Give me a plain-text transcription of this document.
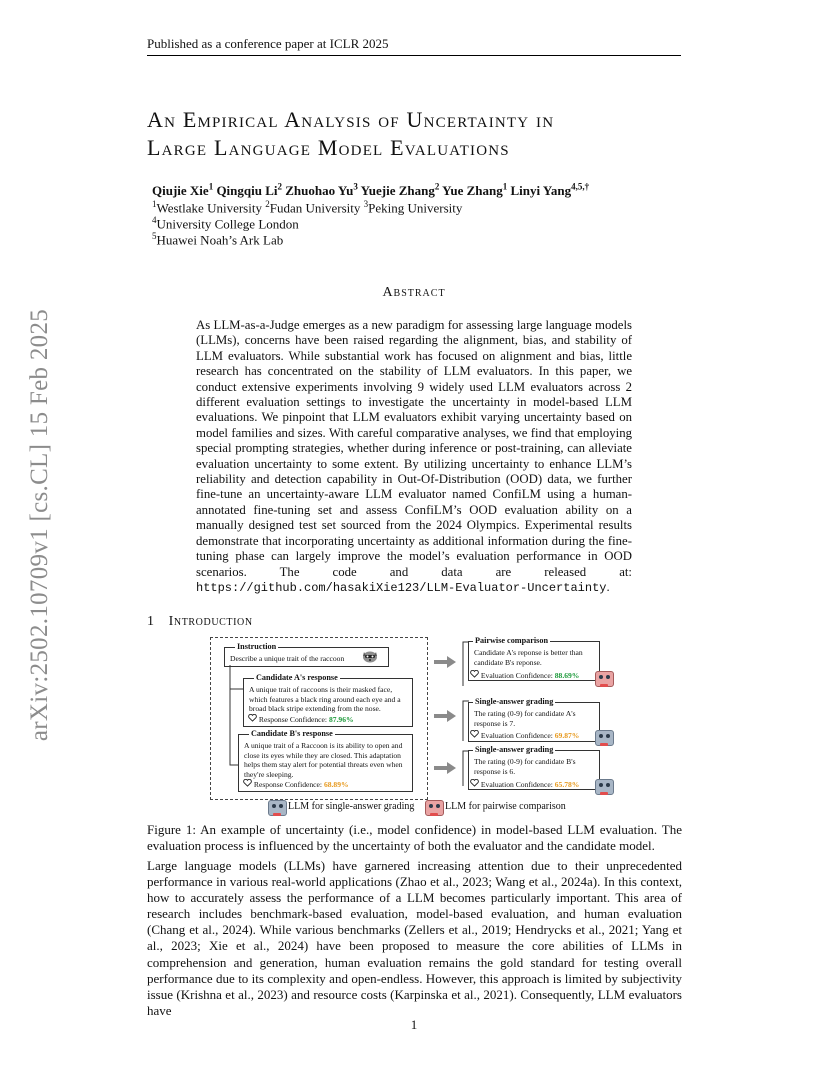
Published as a conference paper at ICLR 2025
arXiv:2502.10709v1 [cs.CL] 15 Feb 2025
An Empirical Analysis of Uncertainty in
Large Language Model Evaluations
Qiujie Xie$^1$ Qingqiu Li$^2$ Zhuohao Yu$^3$ Yuejie Zhang$^2$ Yue Zhang$^1$ Linyi Yang$^{4,5,\dagger}$
$^1$Westlake University $^2$Fudan University $^3$Peking University
$^4$University College London
$^5$Huawei Noah’s Ark Lab
Abstract
As LLM-as-a-Judge emerges as a new paradigm for assessing large language models (LLMs), concerns have been raised regarding the alignment, bias, and stability of LLM evaluators. While substantial work has focused on alignment and bias, little research has concentrated on the stability of LLM evaluators. In this paper, we conduct extensive experiments involving 9 widely used LLM evaluators across 2 different evaluation settings to investigate the uncertainty in model-based LLM evaluations. We pinpoint that LLM evaluators exhibit varying uncertainty based on model families and sizes. With careful comparative analyses, we find that employing special prompting strategies, whether during inference or post-training, can alleviate evaluation uncertainty to some extent. By utilizing uncertainty to enhance LLM’s reliability and detection capability in Out-Of-Distribution (OOD) data, we further fine-tune an uncertainty-aware LLM evaluator named ConfiLM using a human-annotated fine-tuning set and assess ConfiLM’s OOD evaluation ability on a manually designed test set sourced from the 2024 Olympics. Experimental results demonstrate that incorporating uncertainty as additional information during the fine-tuning phase can largely improve the model’s evaluation performance in OOD scenarios. The code and data are released at: https://github.com/hasakiXie123/LLM-Evaluator-Uncertainty.
1 Introduction
Instruction
Describe a unique trait of the raccoon
Candidate A's response
A unique trait of raccoons is their masked face, which features a black ring around each eye and a broad black stripe extending from the nose.
Response Confidence: 87.96%
Candidate B's response
A unique trait of a Raccoon is its ability to open and close its eyes while they are closed. This adaptation helps them stay alert for potential threats even when they're sleeping.
Response Confidence: 68.89%
Pairwise comparison
Candidate A's reponse is better than candidate B's reponse.
Evaluation Confidence: 88.69%
Single-answer grading
The rating (0-9) for candidate A's response is 7.
Evaluation Confidence: 69.87%
Single-answer grading
The rating (0-9) for candidate B's response is 6.
Evaluation Confidence: 65.78%
LLM for single-answer grading	LLM for pairwise comparison
Figure 1: An example of uncertainty (i.e., model confidence) in model-based LLM evaluation. The evaluation process is influenced by the uncertainty of both the evaluator and the candidate model.
Large language models (LLMs) have garnered increasing attention due to their unprecedented performance in various real-world applications (Zhao et al., 2023; Wang et al., 2024a). In this context, how to accurately assess the performance of a LLM becomes particularly important. This area of research includes benchmark-based evaluation, model-based evaluation, and human evaluation (Chang et al., 2024). While various benchmarks (Zellers et al., 2019; Hendrycks et al., 2021; Yang et al., 2023; Xie et al., 2024) have been proposed to measure the core abilities of LLMs in comprehension and generation, human evaluation remains the gold standard for testing overall performance due to its complexity and open-endless. However, this approach is limited by subjectivity issue (Krishna et al., 2023) and resource costs (Karpinska et al., 2021). Consequently, LLM evaluators have
1
